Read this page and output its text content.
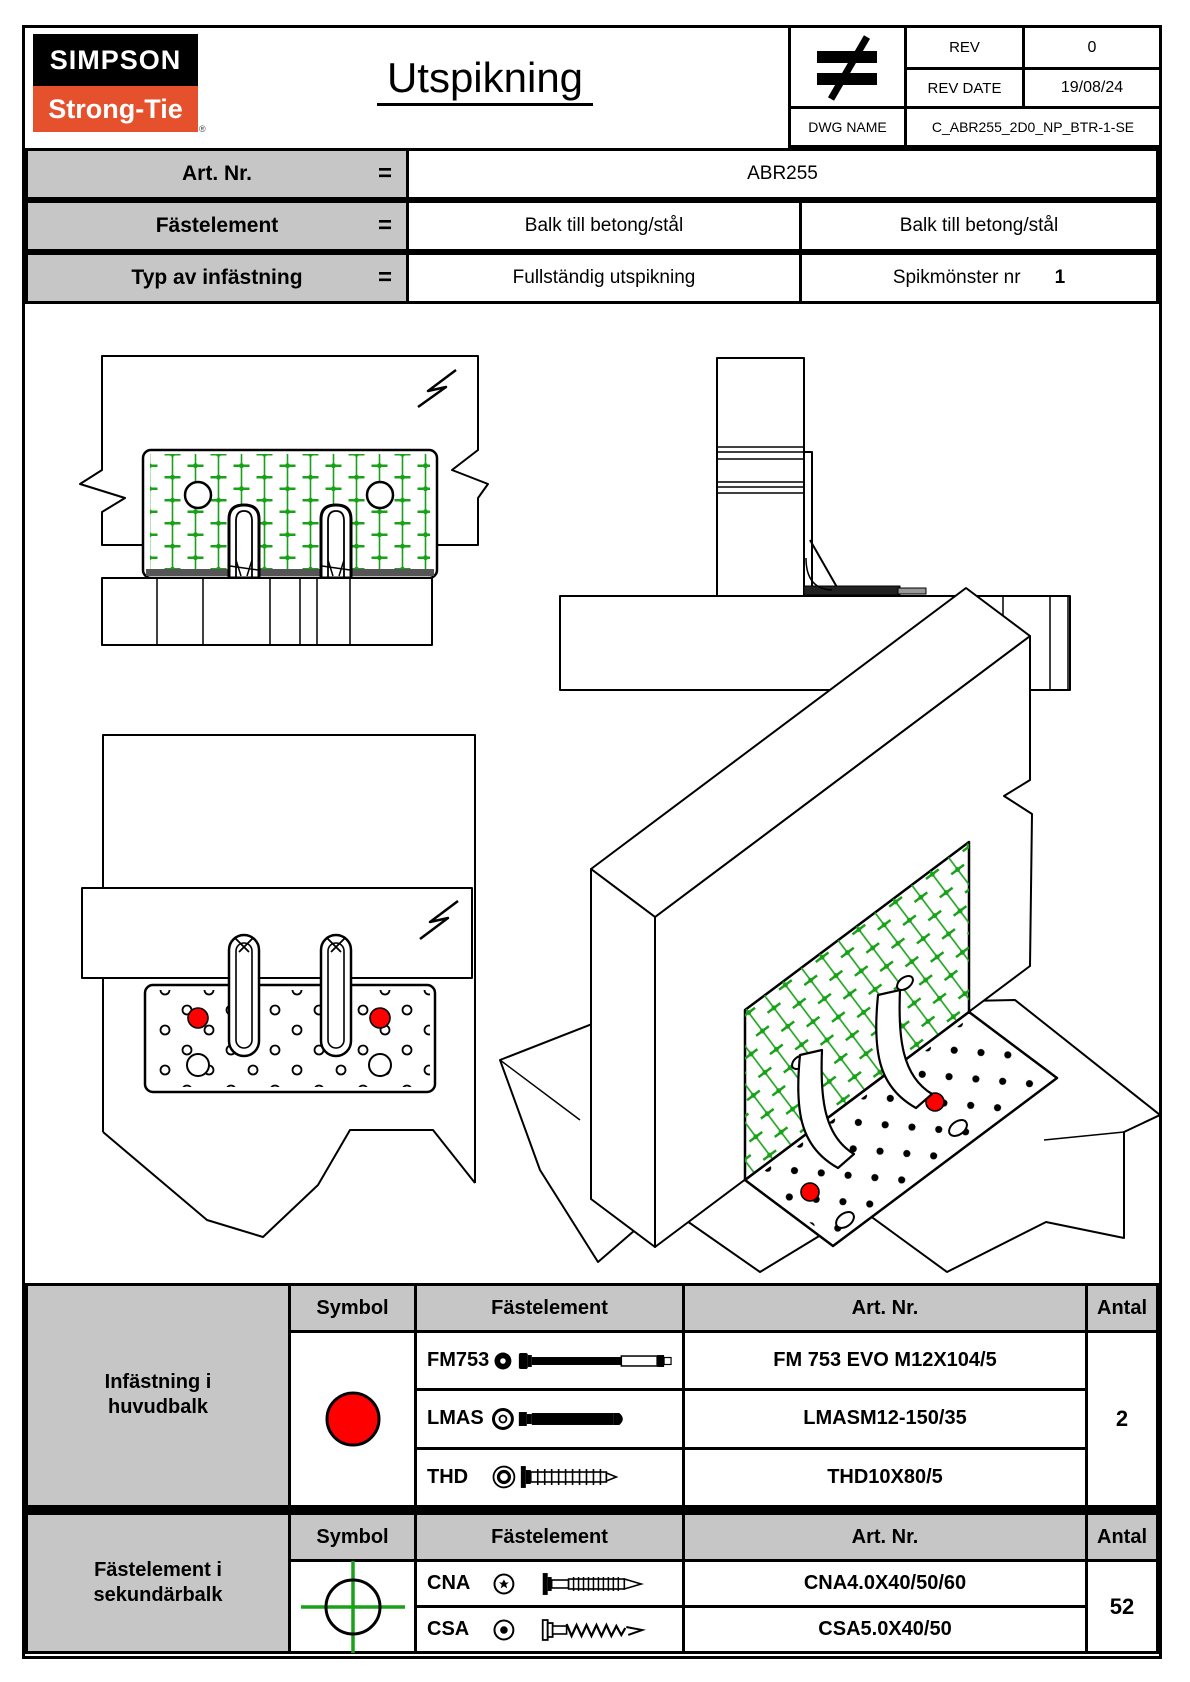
SIMPSON
Strong-Tie
®
Utspikning
REV	0
REV DATE	19/08/24
DWG NAME	C_ABR255_2D0_NP_BTR-1-SE
Art. Nr.	=	ABR255
Fästelement	=	Balk till betong/stål	Balk till betong/stål
Typ av infästning	=	Fullständig utspikning	Spikmönster nr 1
Infästning i huvudbalk
Symbol	Fästelement	Art. Nr.	Antal
FM753	FM 753 EVO M12X104/5
LMAS	LMASM12-150/35
THD	THD10X80/5
2
Fästelement i sekundärbalk
Symbol	Fästelement	Art. Nr.	Antal
CNA	CNA4.0X40/50/60
CSA	CSA5.0X40/50
52
